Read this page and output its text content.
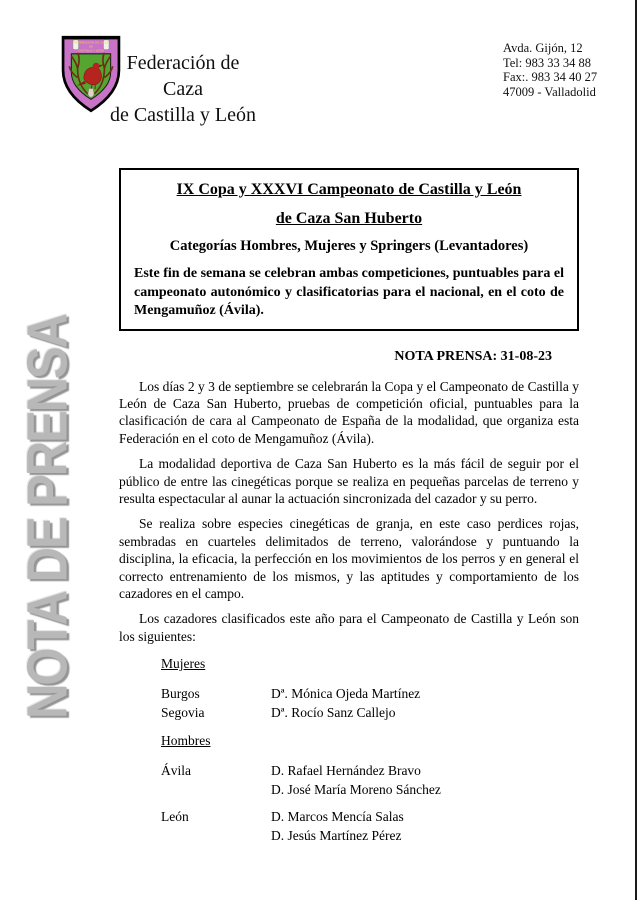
FEDERACIÓN DE CAZA
DE
CASTILLA Y LEÓN
Federación de Caza
de Castilla y León
Avda. Gijón, 12
Tel: 983 33 34 88
Fax:. 983 34 40 27
47009 - Valladolid
NOTA DE PRENSA
IX Copa y XXXVI Campeonato de Castilla y León
de Caza San Huberto
Categorías Hombres, Mujeres y Springers (Levantadores)

Este fin de semana se celebran ambas competiciones, puntuables para el campeonato autonómico y clasificatorias para el nacional, en el coto de Mengamuñoz (Ávila).

NOTA PRENSA: 31-08-23

Los días 2 y 3 de septiembre se celebrarán la Copa y el Campeonato de Castilla y León de Caza San Huberto, pruebas de competición oficial, puntuables para la clasificación de cara al Campeonato de España de la modalidad, que organiza esta Federación en el coto de Mengamuñoz (Ávila).

La modalidad deportiva de Caza San Huberto es la más fácil de seguir por el público de entre las cinegéticas porque se realiza en pequeñas parcelas de terreno y resulta espectacular al aunar la actuación sincronizada del cazador y su perro.

Se realiza sobre especies cinegéticas de granja, en este caso perdices rojas, sembradas en cuarteles delimitados de terreno, valorándose y puntuando la disciplina, la eficacia, la perfección en los movimientos de los perros y en general el correcto entrenamiento de los mismos, y las aptitudes y comportamiento de los cazadores en el campo.

Los cazadores clasificados este año para el Campeonato de Castilla y León son los siguientes:

Mujeres
Burgos	Dª. Mónica Ojeda Martínez
Segovia	Dª. Rocío Sanz Callejo
Hombres
Ávila	D. Rafael Hernández Bravo
D. José María Moreno Sánchez
León	D. Marcos Mencía Salas
D. Jesús Martínez Pérez
